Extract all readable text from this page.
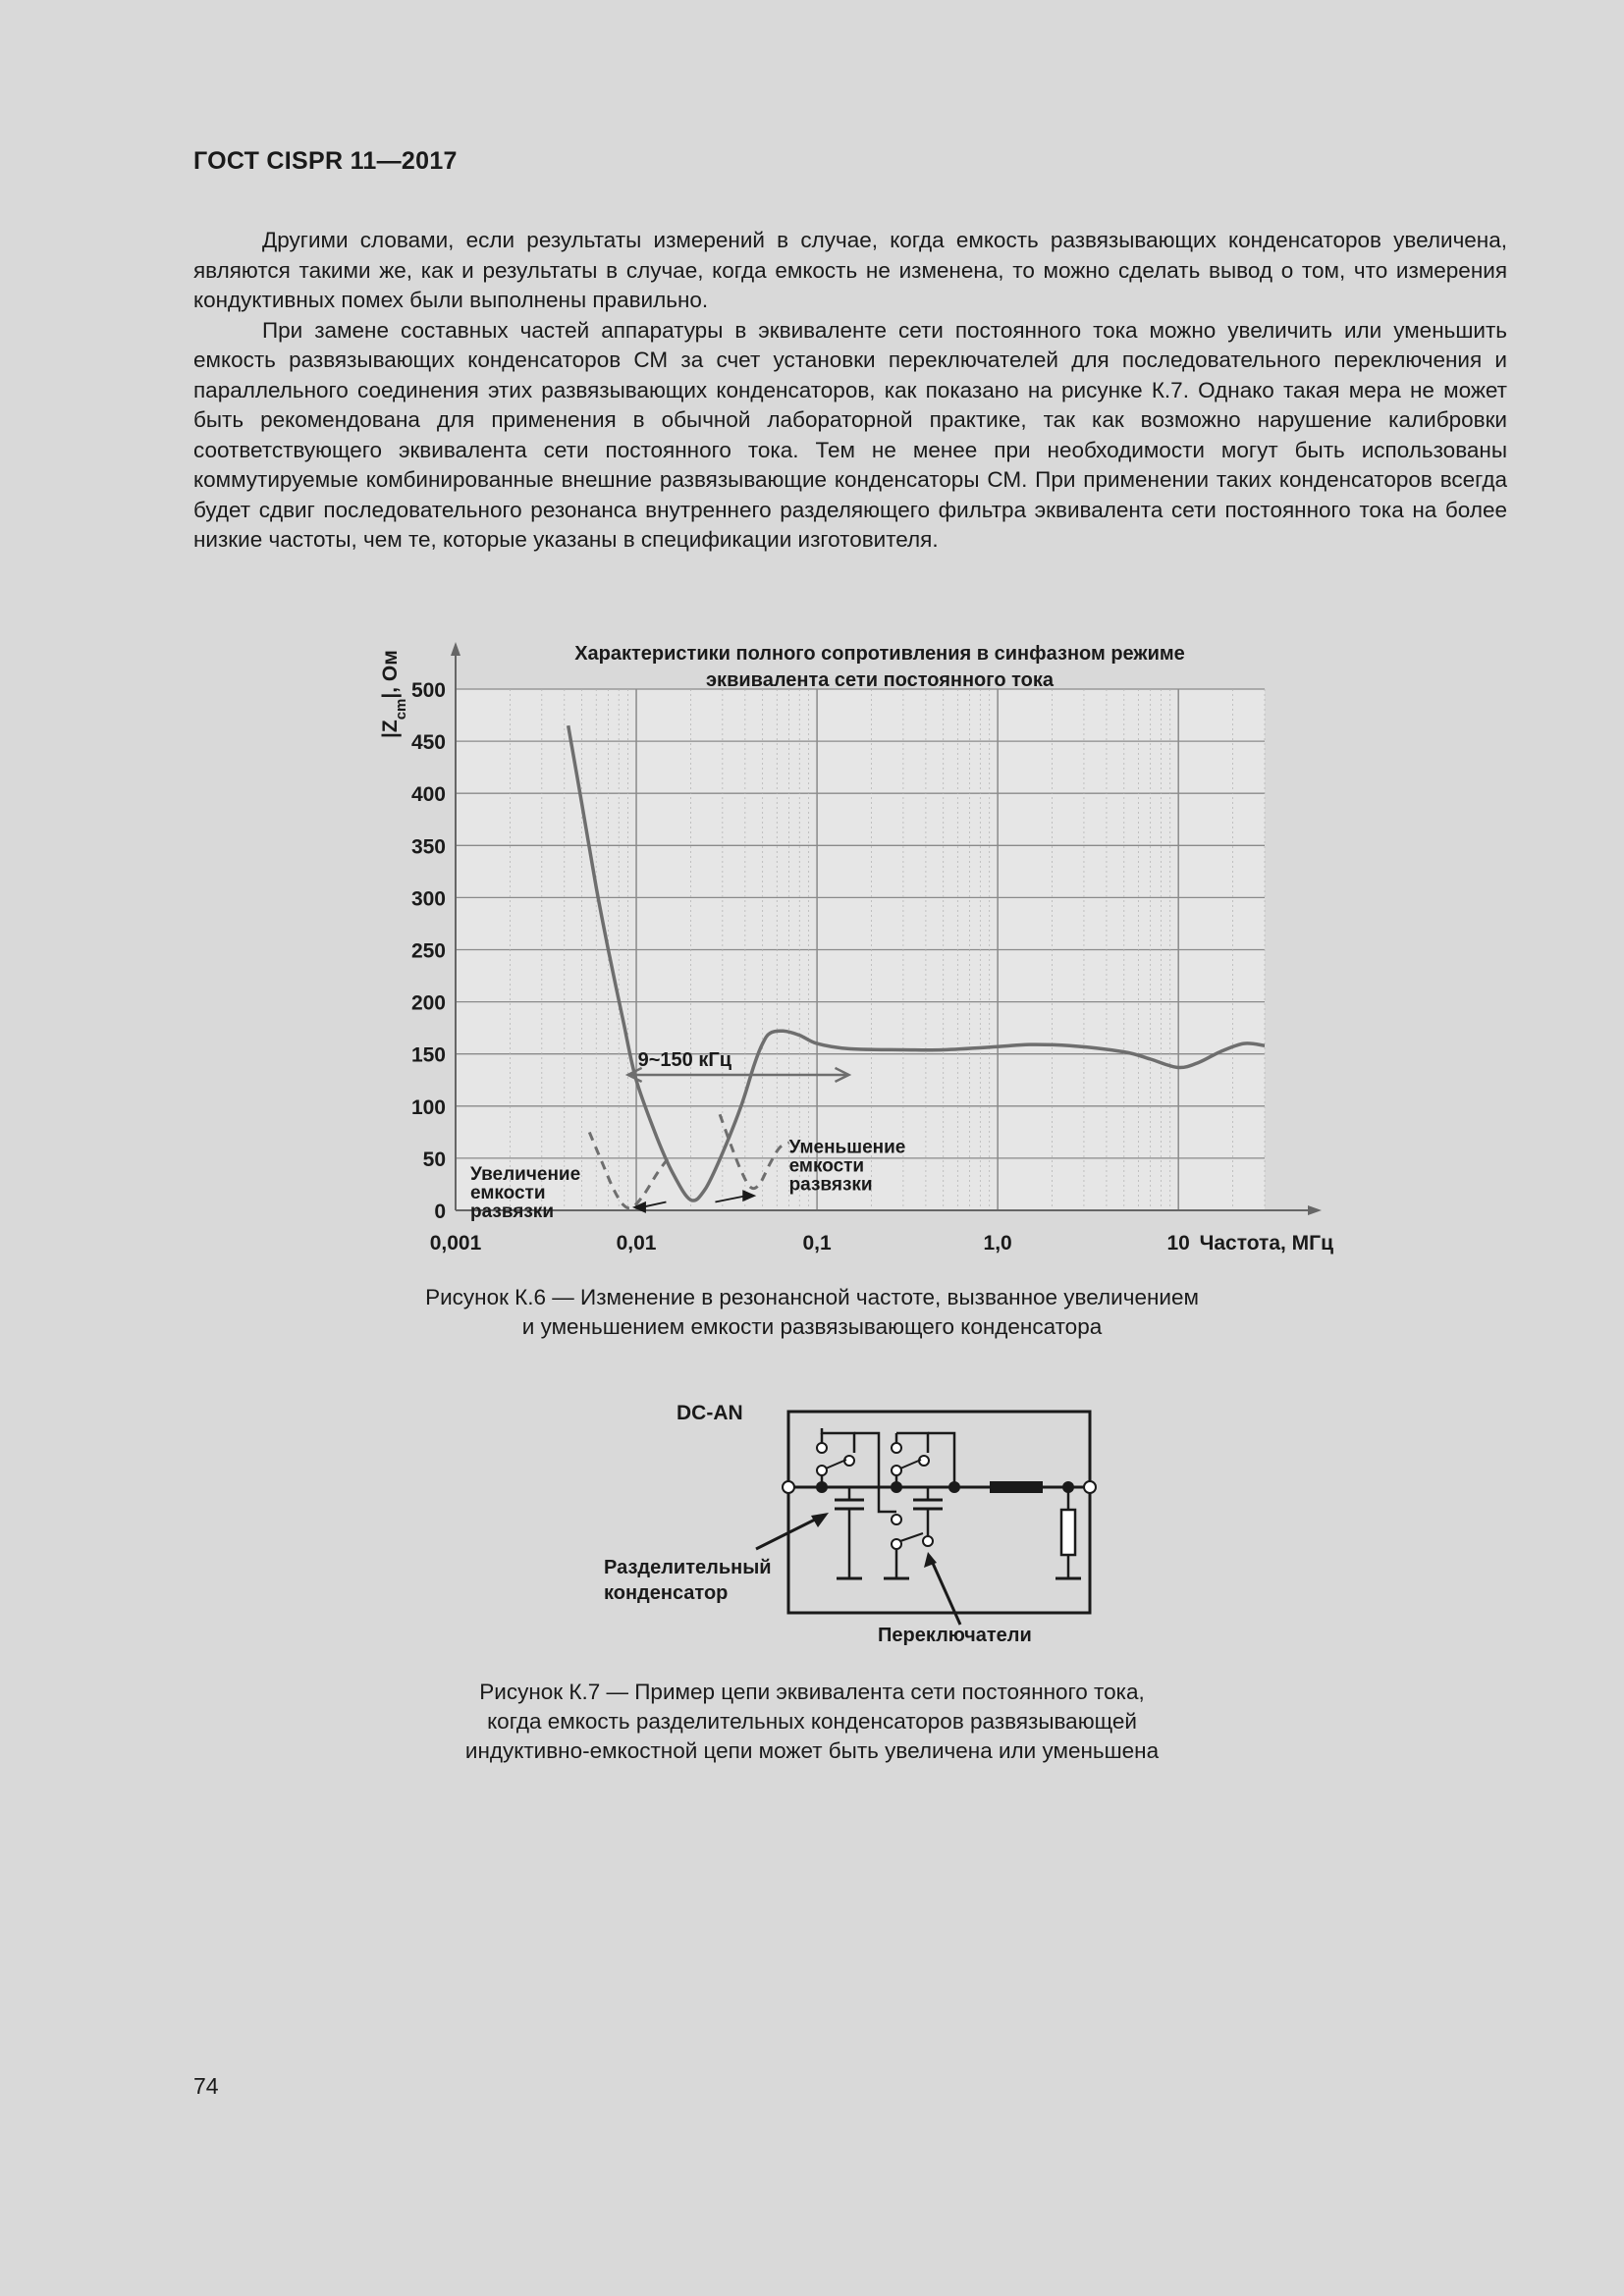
ГОСТ CISPR 11—2017

Другими словами, если результаты измерений в случае, когда емкость развязывающих конденсаторов увеличена, являются такими же, как и результаты в случае, когда емкость не изменена, то можно сделать вывод о том, что измерения кондуктивных помех были выполнены правильно.

При замене составных частей аппаратуры в эквиваленте сети постоянного тока можно увеличить или уменьшить емкость развязывающих конденсаторов СМ за счет установки переключателей для последовательного переключения и параллельного соединения этих развязывающих конденсаторов, как показано на рисунке К.7. Однако такая мера не может быть рекомендована для применения в обычной лабораторной практике, так как возможно нарушение калибровки соответствующего эквивалента сети постоянного тока. Тем не менее при необходимости могут быть использованы коммутируемые комбинированные внешние развязывающие конденсаторы СМ. При применении таких конденсаторов всегда будет сдвиг последовательного резонанса внутреннего разделяющего фильтра эквивалента сети постоянного тока на более низкие частоты, чем те, которые указаны в спецификации изготовителя.

0
50
100
150
200
250
300
350
400
450
500
0,001	0,01	0,1	1,0	10
9~150 кГц
Увеличение
емкости
развязки
Уменьшение
емкости
развязки
Характеристики полного сопротивления в синфазном режиме
эквивалента сети постоянного тока
Частота, МГц
$|Z_{cm}|$, Ом
Рисунок К.6 — Изменение в резонансной частоте, вызванное увеличением
и уменьшением емкости развязывающего конденсатора
DC-AN
Разделительный
конденсатор
Переключатели
Рисунок К.7 — Пример цепи эквивалента сети постоянного тока,
когда емкость разделительных конденсаторов развязывающей
индуктивно-емкостной цепи может быть увеличена или уменьшена
74
